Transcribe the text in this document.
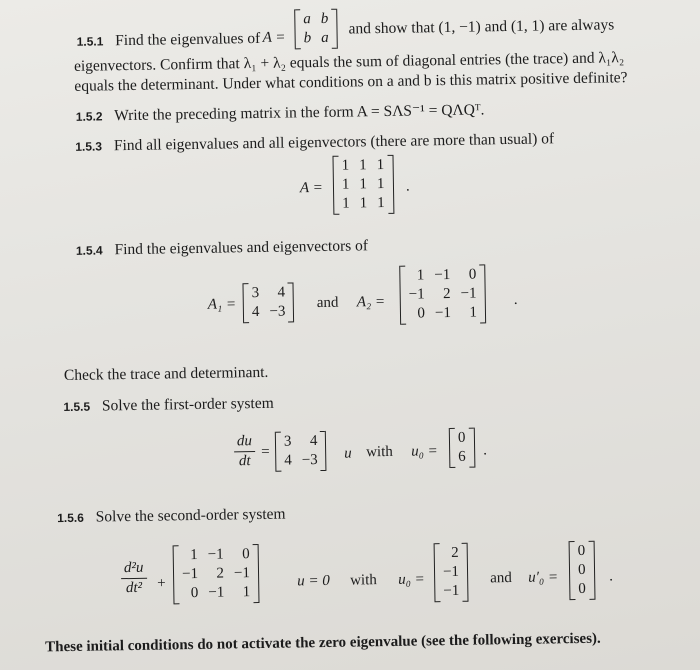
1.5.1 Find the eigenvalues of A =
a b
b a
and show that (1, −1) and (1, 1) are always
eigenvectors. Confirm that λ₁ + λ₂ equals the sum of diagonal entries (the trace) and λ₁λ₂
equals the determinant. Under what conditions on a and b is this matrix positive definite?
1.5.2 Write the preceding matrix in the form A = SΛS⁻¹ = QΛQᵀ.
1.5.3 Find all eigenvalues and all eigenvectors (there are more than usual) of
A =
1 1 1
1 1 1
1 1 1
.
1.5.4 Find the eigenvalues and eigenvectors of
A₁ =
3	4
4 −3
and A₂ =
1 −1	0
−1	2 −1
0 −1	1
.
Check the trace and determinant.
1.5.5 Solve the first-order system
$\frac{du}{dt}$ =
3	4
4 −3 u with u₀ =
0
6 .
1.5.6 Solve the second-order system
$\frac{\text{d²u}}{\text{dt²}}$ +
1 −1	0
−1	2 −1
0 −1	1
u = 0 with u₀ =
2
−1
−1
and u′₀ =
0
0
0
.
These initial conditions do not activate the zero eigenvalue (see the following exercises).
